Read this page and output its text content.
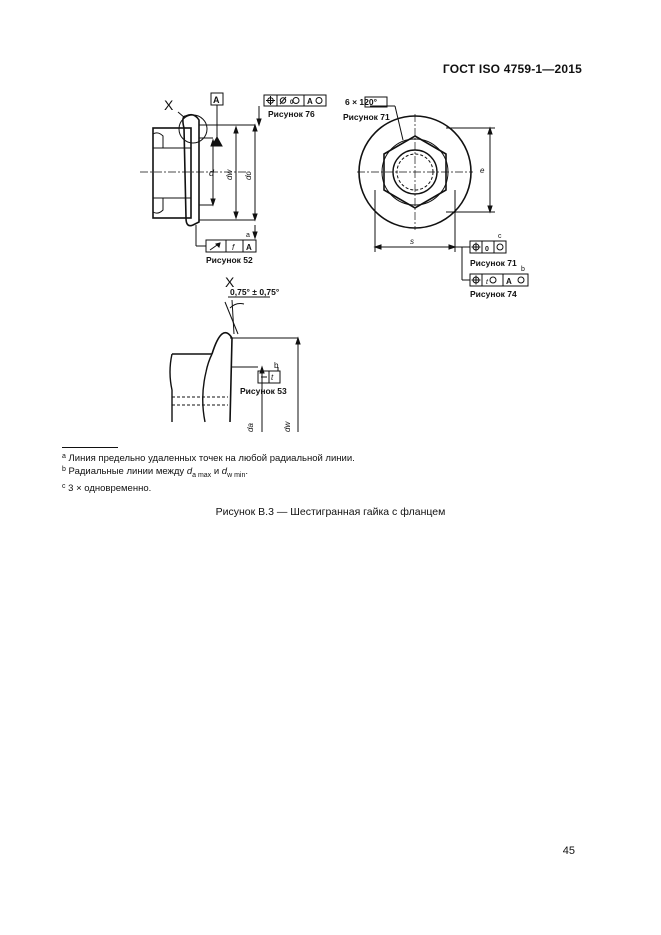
ГОСТ ISO 4759-1—2015
X	A	A
0
Рисунок 76
d dw dc
a
f A
Рисунок 52
6 × 120°
Рисунок 71
e
s
c
0
Рисунок 71
b
t A
Рисунок 74
X
0,75° ± 0,75°
b
t
Рисунок 53
da	dw
$^a$ Линия предельно удаленных точек на любой радиальной линии.
$^b$ Радиальные линии между $d_{a max}$ и $d_{w min}$.
$^c$ 3 × одновременно.
Рисунок В.3 — Шестигранная гайка с фланцем
45
